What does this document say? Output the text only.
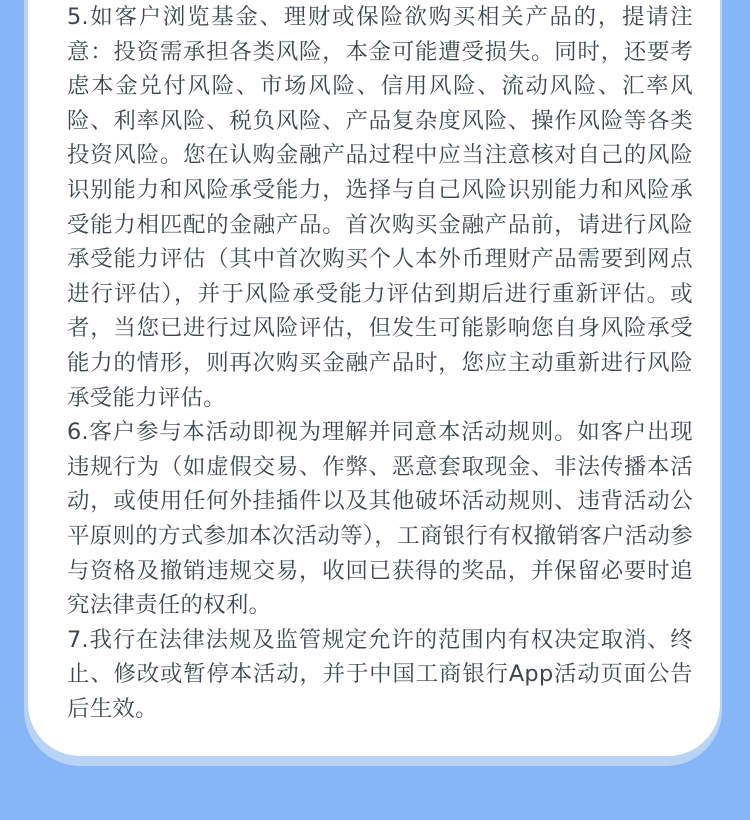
5.如客户浏览基金、理财或保险欲购买相关产品的，提请注意：投资需承担各类风险，本金可能遭受损失。同时，还要考虑本金兑付风险、市场风险、信用风险、流动风险、汇率风险、利率风险、税负风险、产品复杂度风险、操作风险等各类投资风险。您在认购金融产品过程中应当注意核对自己的风险识别能力和风险承受能力，选择与自己风险识别能力和风险承受能力相匹配的金融产品。首次购买金融产品前，请进行风险承受能力评估（其中首次购买个人本外币理财产品需要到网点进行评估），并于风险承受能力评估到期后进行重新评估。或者，当您已进行过风险评估，但发生可能影响您自身风险承受能力的情形，则再次购买金融产品时，您应主动重新进行风险承受能力评估。

6.客户参与本活动即视为理解并同意本活动规则。如客户出现违规行为（如虚假交易、作弊、恶意套取现金、非法传播本活动，或使用任何外挂插件以及其他破坏活动规则、违背活动公平原则的方式参加本次活动等），工商银行有权撤销客户活动参与资格及撤销违规交易，收回已获得的奖品，并保留必要时追究法律责任的权利。

7.我行在法律法规及监管规定允许的范围内有权决定取消、终止、修改或暂停本活动，并于中国工商银行App活动页面公告后生效。
